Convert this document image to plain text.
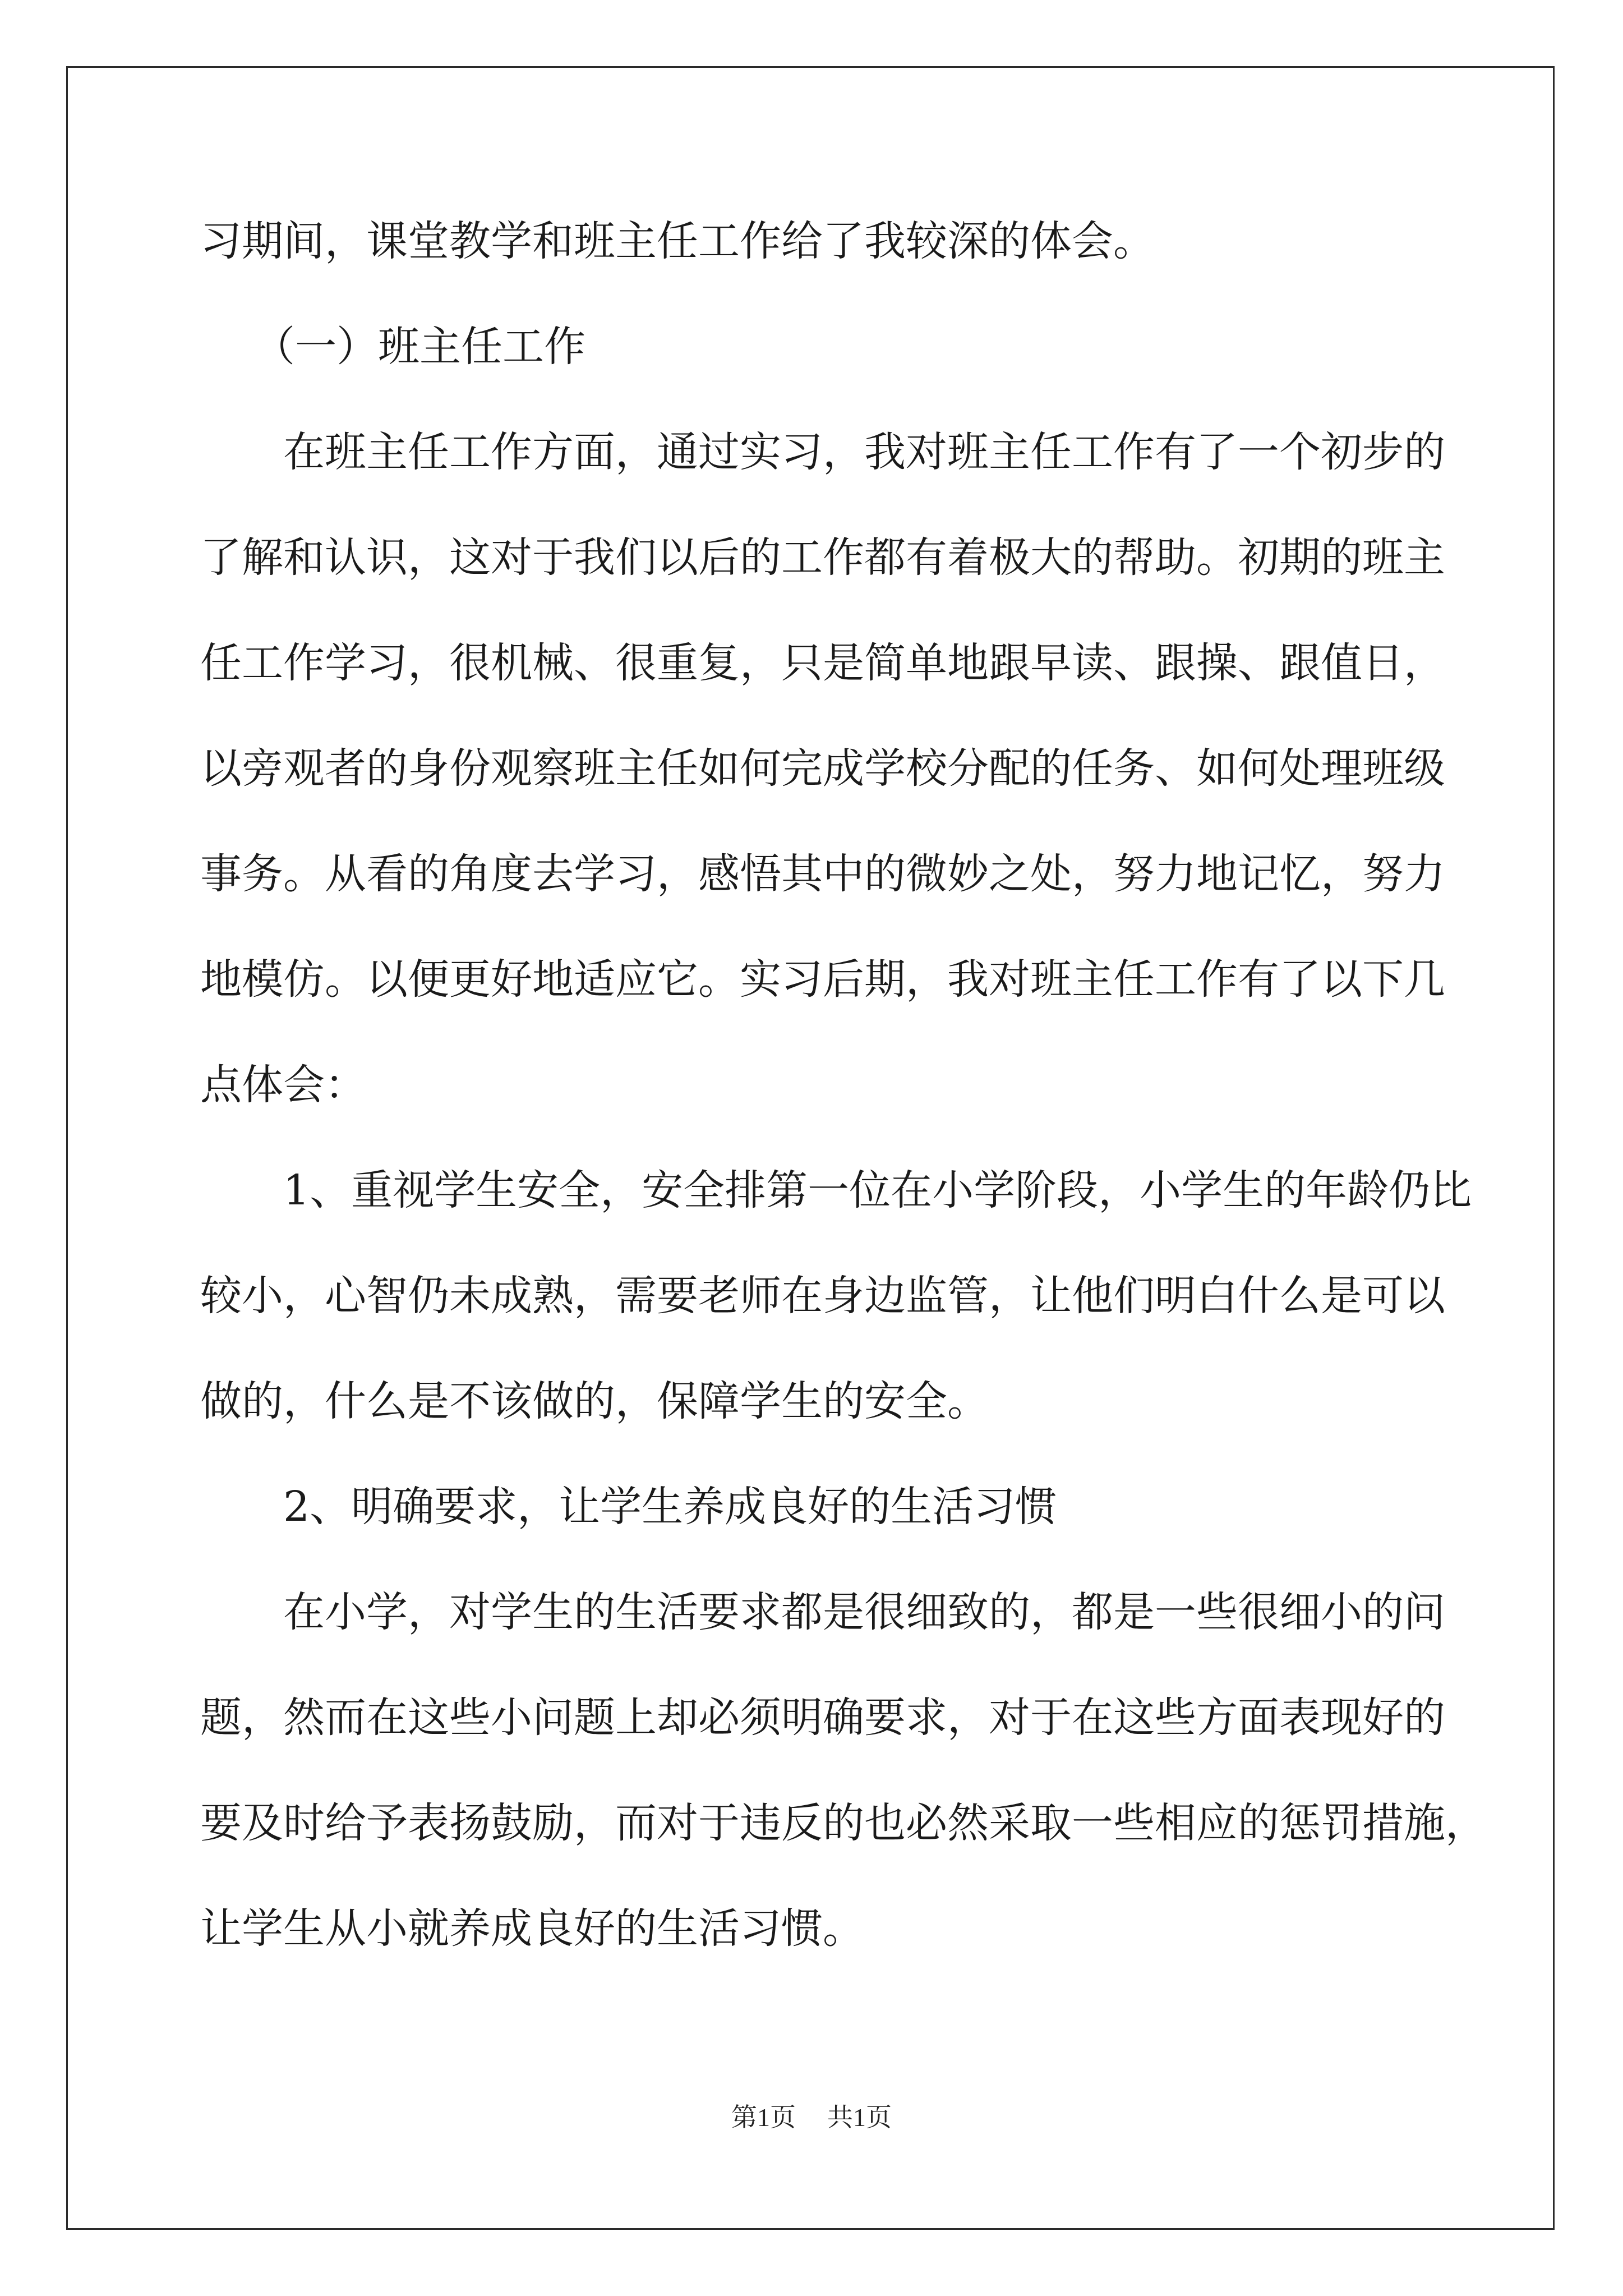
习期间，课堂教学和班主任工作给了我较深的体会。
（一）班主任工作
在班主任工作方面，通过实习，我对班主任工作有了一个初步的
了解和认识，这对于我们以后的工作都有着极大的帮助。初期的班主
任工作学习，很机械、很重复，只是简单地跟早读、跟操、跟值日，
以旁观者的身份观察班主任如何完成学校分配的任务、如何处理班级
事务。从看的角度去学习，感悟其中的微妙之处，努力地记忆，努力
地模仿。以便更好地适应它。实习后期，我对班主任工作有了以下几
点体会：
1、重视学生安全，安全排第一位在小学阶段，小学生的年龄仍比
较小，心智仍未成熟，需要老师在身边监管，让他们明白什么是可以
做的，什么是不该做的，保障学生的安全。
2、明确要求，让学生养成良好的生活习惯
在小学，对学生的生活要求都是很细致的，都是一些很细小的问
题，然而在这些小问题上却必须明确要求，对于在这些方面表现好的
要及时给予表扬鼓励，而对于违反的也必然采取一些相应的惩罚措施，
让学生从小就养成良好的生活习惯。
第1页 共1页
